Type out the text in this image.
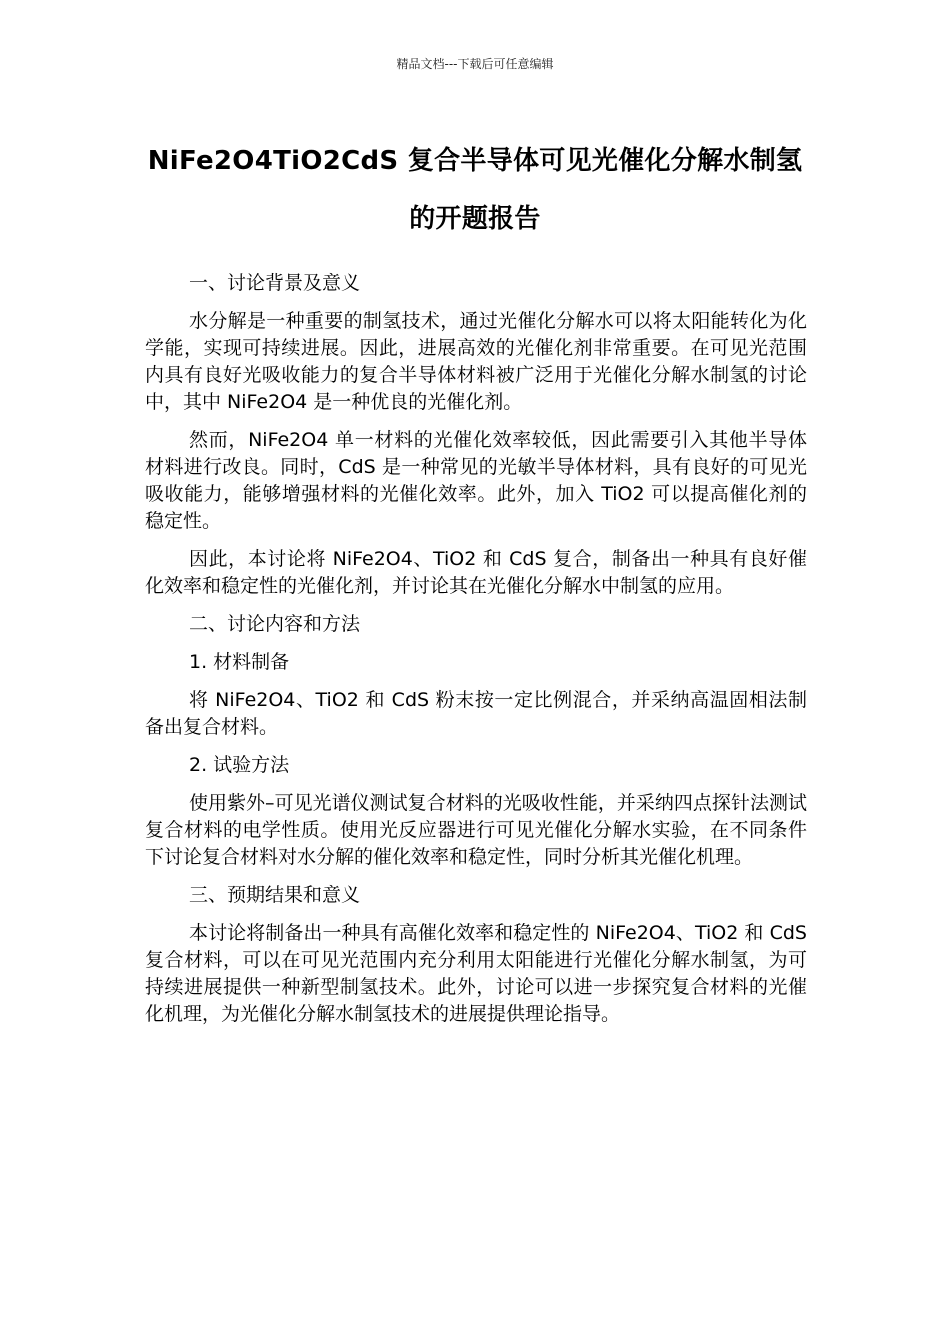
精品文档---下载后可任意编辑
NiFe2O4TiO2CdS 复合半导体可见光催化分解水制氢的开题报告

一、讨论背景及意义

水分解是一种重要的制氢技术，通过光催化分解水可以将太阳能转化为化学能，实现可持续进展。因此，进展高效的光催化剂非常重要。在可见光范围内具有良好光吸收能力的复合半导体材料被广泛用于光催化分解水制氢的讨论中，其中 NiFe2O4 是一种优良的光催化剂。

然而，NiFe2O4 单一材料的光催化效率较低，因此需要引入其他半导体材料进行改良。同时，CdS 是一种常见的光敏半导体材料，具有良好的可见光吸收能力，能够增强材料的光催化效率。此外，加入 TiO2 可以提高催化剂的稳定性。

因此，本讨论将 NiFe2O4、TiO2 和 CdS 复合，制备出一种具有良好催化效率和稳定性的光催化剂，并讨论其在光催化分解水中制氢的应用。

二、讨论内容和方法

1. 材料制备

将 NiFe2O4、TiO2 和 CdS 粉末按一定比例混合，并采纳高温固相法制备出复合材料。

2. 试验方法

使用紫外–可见光谱仪测试复合材料的光吸收性能，并采纳四点探针法测试复合材料的电学性质。使用光反应器进行可见光催化分解水实验，在不同条件下讨论复合材料对水分解的催化效率和稳定性，同时分析其光催化机理。

三、预期结果和意义

本讨论将制备出一种具有高催化效率和稳定性的 NiFe2O4、TiO2 和 CdS 复合材料，可以在可见光范围内充分利用太阳能进行光催化分解水制氢，为可持续进展提供一种新型制氢技术。此外，讨论可以进一步探究复合材料的光催化机理，为光催化分解水制氢技术的进展提供理论指导。
